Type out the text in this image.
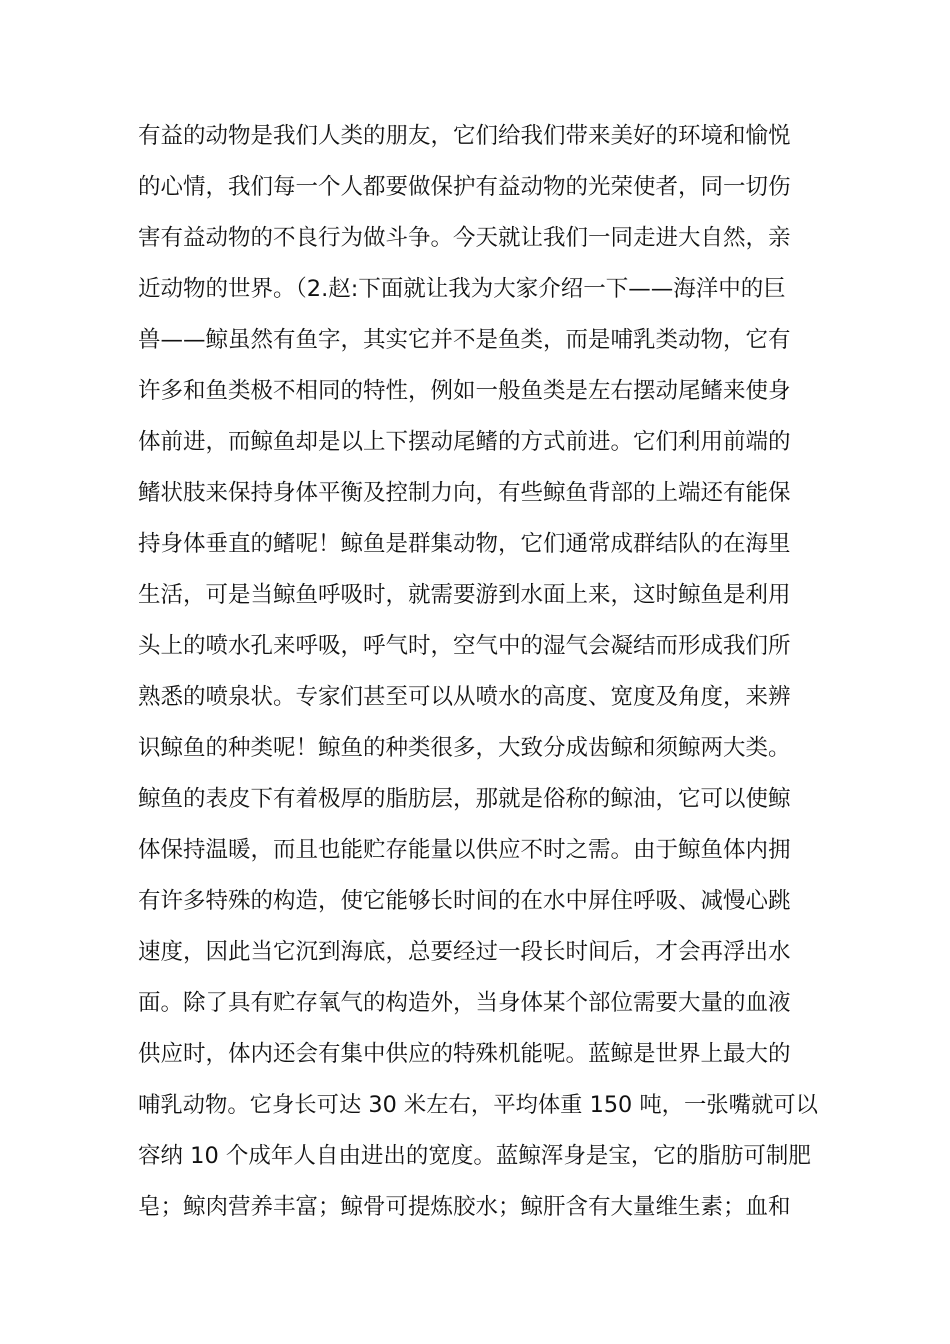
有益的动物是我们人类的朋友，它们给我们带来美好的环境和愉悦
的心情，我们每一个人都要做保护有益动物的光荣使者，同一切伤
害有益动物的不良行为做斗争。今天就让我们一同走进大自然，亲
近动物的世界。（2.赵:下面就让我为大家介绍一下——海洋中的巨
兽——鲸虽然有鱼字，其实它并不是鱼类，而是哺乳类动物，它有
许多和鱼类极不相同的特性，例如一般鱼类是左右摆动尾鳍来使身
体前进，而鲸鱼却是以上下摆动尾鳍的方式前进。它们利用前端的
鳍状肢来保持身体平衡及控制力向，有些鲸鱼背部的上端还有能保
持身体垂直的鳍呢！鲸鱼是群集动物，它们通常成群结队的在海里
生活，可是当鲸鱼呼吸时，就需要游到水面上来，这时鲸鱼是利用
头上的喷水孔来呼吸，呼气时，空气中的湿气会凝结而形成我们所
熟悉的喷泉状。专家们甚至可以从喷水的高度、宽度及角度，来辨
识鲸鱼的种类呢！鲸鱼的种类很多，大致分成齿鲸和须鲸两大类。
鲸鱼的表皮下有着极厚的脂肪层，那就是俗称的鲸油，它可以使鲸
体保持温暖，而且也能贮存能量以供应不时之需。由于鲸鱼体内拥
有许多特殊的构造，使它能够长时间的在水中屏住呼吸、减慢心跳
速度，因此当它沉到海底，总要经过一段长时间后，才会再浮出水
面。除了具有贮存氧气的构造外，当身体某个部位需要大量的血液
供应时，体内还会有集中供应的特殊机能呢。蓝鲸是世界上最大的
哺乳动物。它身长可达 30 米左右，平均体重 150 吨，一张嘴就可以
容纳 10 个成年人自由进出的宽度。蓝鲸浑身是宝，它的脂肪可制肥
皂；鲸肉营养丰富；鲸骨可提炼胶水；鲸肝含有大量维生素；血和
